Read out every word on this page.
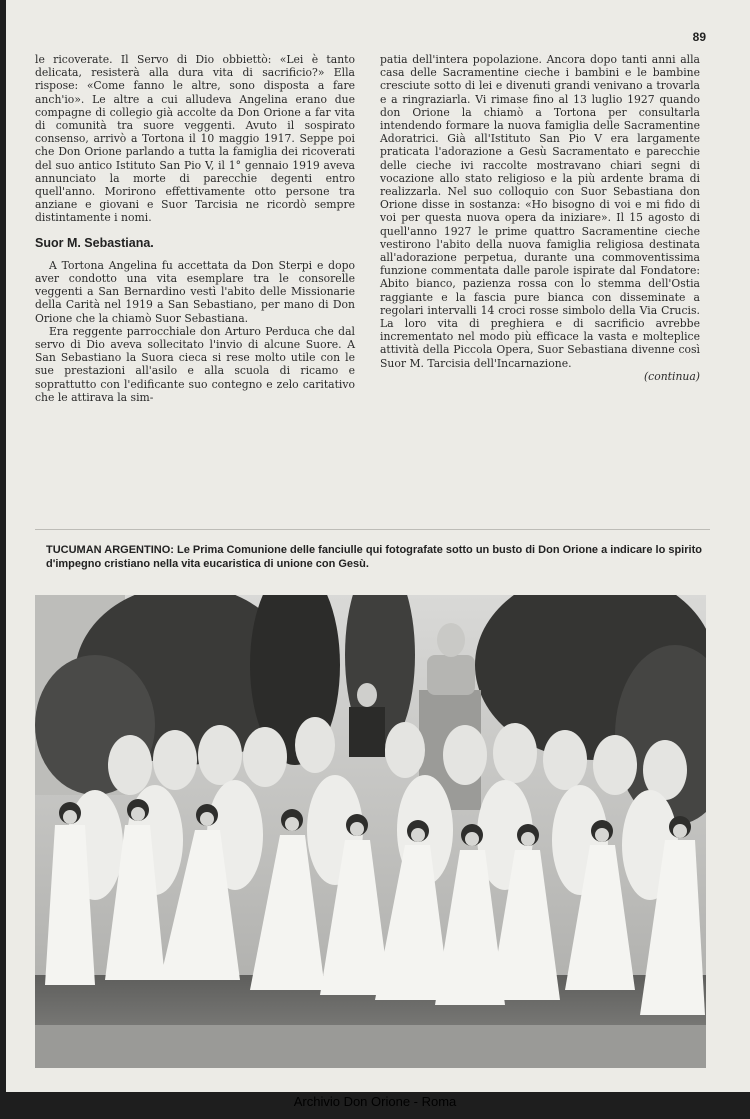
89

le ricoverate. Il Servo di Dio obbiettò: «Lei è tanto delicata, resisterà alla dura vita di sacrificio?» Ella rispose: «Come fanno le altre, sono disposta a fare anch'io». Le altre a cui alludeva Angelina erano due compagne di collegio già accolte da Don Orione a far vita di comunità tra suore veggenti. Avuto il sospirato consenso, arrivò a Tortona il 10 maggio 1917. Seppe poi che Don Orione parlando a tutta la famiglia dei ricoverati del suo antico Istituto San Pio V, il 1° gennaio 1919 aveva annunciato la morte di parecchie degenti entro quell'anno. Morirono effettivamente otto persone tra anziane e giovani e Suor Tarcisia ne ricordò sempre distintamente i nomi.

Suor M. Sebastiana.

A Tortona Angelina fu accettata da Don Sterpi e dopo aver condotto una vita esemplare tra le consorelle veggenti a San Bernardino vestì l'abito delle Missionarie della Carità nel 1919 a San Sebastiano, per mano di Don Orione che la chiamò Suor Sebastiana.

Era reggente parrocchiale don Arturo Perduca che dal servo di Dio aveva sollecitato l'invio di alcune Suore. A San Sebastiano la Suora cieca si rese molto utile con le sue prestazioni all'asilo e alla scuola di ricamo e soprattutto con l'edificante suo contegno e zelo caritativo che le attirava la sim-

patia dell'intera popolazione. Ancora dopo tanti anni alla casa delle Sacramentine cieche i bambini e le bambine cresciute sotto di lei e divenuti grandi venivano a trovarla e a ringraziarla. Vi rimase fino al 13 luglio 1927 quando don Orione la chiamò a Tortona per consultarla intendendo formare la nuova famiglia delle Sacramentine Adoratrici. Già all'Istituto San Pio V era largamente praticata l'adorazione a Gesù Sacramentato e parecchie delle cieche ivi raccolte mostravano chiari segni di vocazione allo stato religioso e la più ardente brama di realizzarla. Nel suo colloquio con Suor Sebastiana don Orione disse in sostanza: «Ho bisogno di voi e mi fido di voi per questa nuova opera da iniziare». Il 15 agosto di quell'anno 1927 le prime quattro Sacramentine cieche vestirono l'abito della nuova famiglia religiosa destinata all'adorazione perpetua, durante una commoventissima funzione commentata dalle parole ispirate dal Fondatore: Abito bianco, pazienza rossa con lo stemma dell'Ostia raggiante e la fascia pure bianca con disseminate a regolari intervalli 14 croci rosse simbolo della Via Crucis. La loro vita di preghiera e di sacrificio avrebbe incrementato nel modo più efficace la vasta e molteplice attività della Piccola Opera, Suor Sebastiana divenne così Suor M. Tarcisia dell'Incarnazione.

(continua)

TUCUMAN ARGENTINO: Le Prima Comunione delle fanciulle qui fotografate sotto un busto di Don Orione a indicare lo spirito d'impegno cristiano nella vita eucaristica di unione con Gesù.
Archivio Don Orione - Roma
